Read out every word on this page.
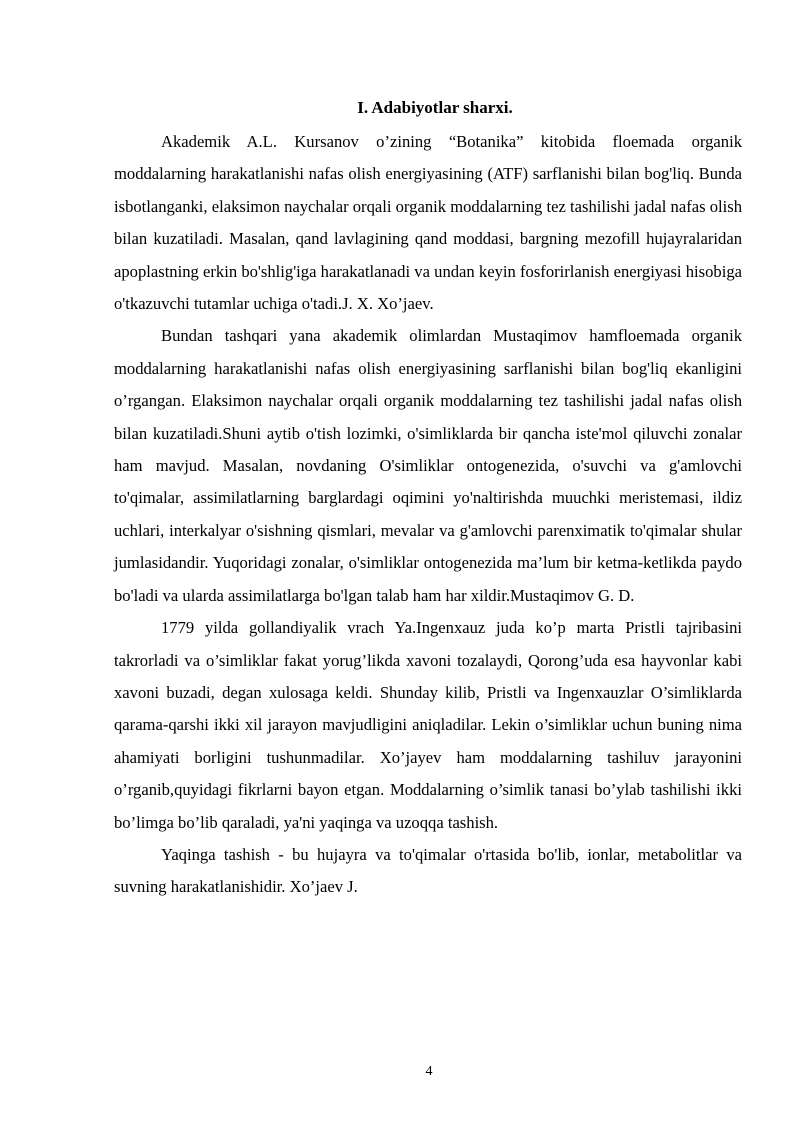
I. Adabiyotlar sharxi.

Akademik A.L. Kursanov o’zining “Botanika” kitobida floemada organik moddalarning harakatlanishi nafas olish energiyasining (ATF) sarflanishi bilan bog'liq. Bunda isbotlanganki, elaksimon naychalar orqali organik moddalarning tez tashilishi jadal nafas olish bilan kuzatiladi. Masalan, qand lavlagining qand moddasi, bargning mezofill hujayralaridan apoplastning erkin bo'shlig'iga harakatlanadi va undan keyin fosforirlanish energiyasi hisobiga o'tkazuvchi tutamlar uchiga o'tadi.J. X. Xo’jaev.

Bundan tashqari yana akademik olimlardan Mustaqimov hamfloemada organik moddalarning harakatlanishi nafas olish energiyasining sarflanishi bilan bog'liq ekanligini o’rgangan. Elaksimon naychalar orqali organik moddalarning tez tashilishi jadal nafas olish bilan kuzatiladi.Shuni aytib o'tish lozimki, o'simliklarda bir qancha iste'mol qiluvchi zonalar ham mavjud. Masalan, novdaning O'simliklar ontogenezida, o'suvchi va g'amlovchi to'qimalar, assimilatlarning barglardagi oqimini yo'naltirishda muuchki meristemasi, ildiz uchlari, interkalyar o'sishning qismlari, mevalar va g'amlovchi parenximatik to'qimalar shular jumlasidandir. Yuqoridagi zonalar, o'simliklar ontogenezida ma’lum bir ketma-ketlikda paydo bo'ladi va ularda assimilatlarga bo'lgan talab ham har xildir.Mustaqimov G. D.

1779 yilda gollandiyalik vrach Ya.Ingenxauz juda ko’p marta Pristli tajribasini takrorladi va o’simliklar fakat yorug’likda xavoni tozalaydi, Qorong’uda esa hayvonlar kabi xavoni buzadi, degan xulosaga keldi. Shunday kilib, Pristli va Ingenxauzlar O’simliklarda qarama-qarshi ikki xil jarayon mavjudligini aniqladilar. Lekin o’simliklar uchun buning nima ahamiyati borligini tushunmadilar. Xo’jayev ham moddalarning tashiluv jarayonini o’rganib,quyidagi fikrlarni bayon etgan. Moddalarning o’simlik tanasi bo’ylab tashilishi ikki bo’limga bo’lib qaraladi, ya'ni yaqinga va uzoqqa tashish.

Yaqinga tashish - bu hujayra va to'qimalar o'rtasida bo'lib, ionlar, metabolitlar va suvning harakatlanishidir. Xo’jaev J.

4
